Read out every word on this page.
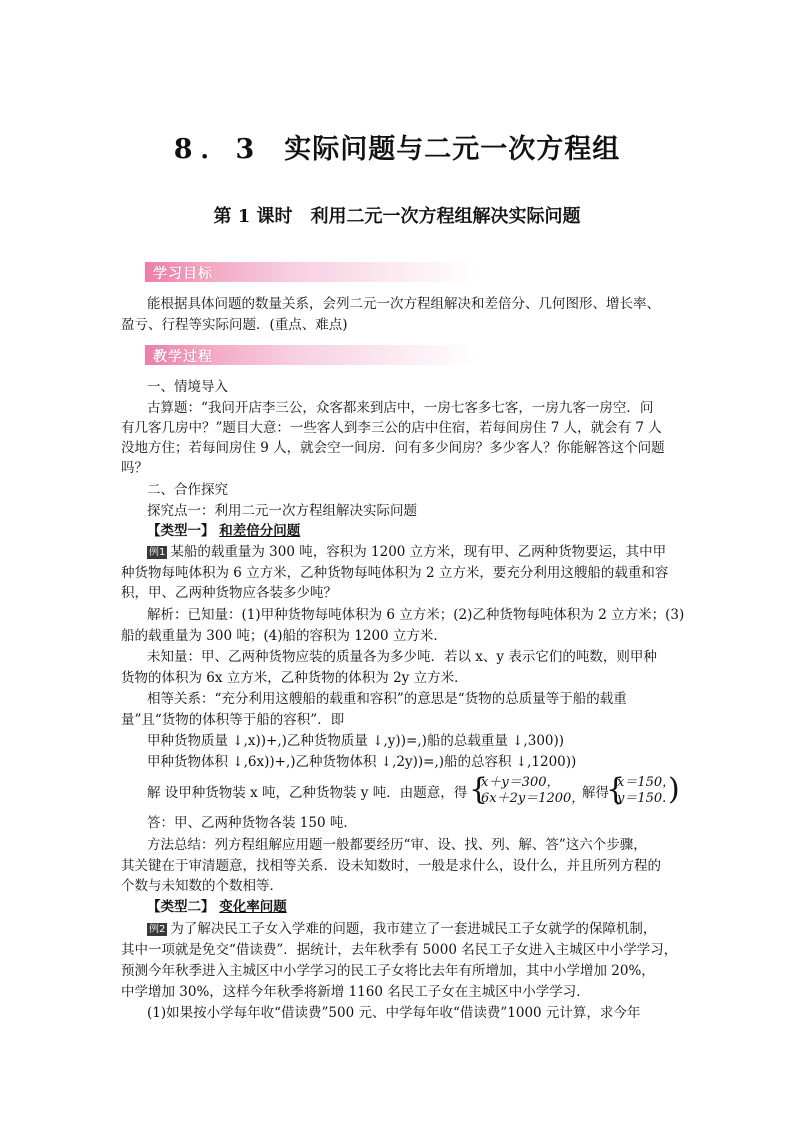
8．3 实际问题与二元一次方程组
第 1 课时 利用二元一次方程组解决实际问题
学习目标
能根据具体问题的数量关系，会列二元一次方程组解决和差倍分、几何图形、增长率、
盈亏、行程等实际问题．(重点、难点)
教学过程
一、情境导入
古算题：“我问开店李三公，众客都来到店中，一房七客多七客，一房九客一房空．问
有几客几房中？”题目大意：一些客人到李三公的店中住宿，若每间房住 7 人，就会有 7 人
没地方住；若每间房住 9 人，就会空一间房．问有多少间房？多少客人？你能解答这个问题
吗？
二、合作探究
探究点一：利用二元一次方程组解决实际问题
【类型一】 和差倍分问题
例1 某船的载重量为 300 吨，容积为 1200 立方米，现有甲、乙两种货物要运，其中甲
种货物每吨体积为 6 立方米，乙种货物每吨体积为 2 立方米，要充分利用这艘船的载重和容
积，甲、乙两种货物应各装多少吨？
解析：已知量：(1)甲种货物每吨体积为 6 立方米；(2)乙种货物每吨体积为 2 立方米；(3)
船的载重量为 300 吨；(4)船的容积为 1200 立方米．
未知量：甲、乙两种货物应装的质量各为多少吨．若以 x、y 表示它们的吨数，则甲种
货物的体积为 6x 立方米，乙种货物的体积为 2y 立方米．
相等关系：“充分利用这艘船的载重和容积”的意思是“货物的总质量等于船的载重
量”且“货物的体积等于船的容积”．即
甲种货物质量 ↓,x))+,)乙种货物质量 ↓,y))=,)船的总载重量 ↓,300))
甲种货物体积 ↓,6x))+,)乙种货物体积 ↓,2y))=,)船的总容积 ↓,1200))
解 设甲种货物装 x 吨，乙种货物装 y 吨．由题意，得 {
x＋y＝300，
6x＋2y＝1200，
解得
{
x＝150，
y＝150. )
答：甲、乙两种货物各装 150 吨．
方法总结：列方程组解应用题一般都要经历“审、设、找、列、解、答”这六个步骤，
其关键在于审清题意，找相等关系．设未知数时，一般是求什么，设什么，并且所列方程的
个数与未知数的个数相等．
【类型二】 变化率问题
例2 为了解决民工子女入学难的问题，我市建立了一套进城民工子女就学的保障机制，
其中一项就是免交“借读费”．据统计，去年秋季有 5000 名民工子女进入主城区中小学学习，
预测今年秋季进入主城区中小学学习的民工子女将比去年有所增加，其中小学增加 20%，
中学增加 30%，这样今年秋季将新增 1160 名民工子女在主城区中小学学习．
(1)如果按小学每年收“借读费”500 元、中学每年收“借读费”1000 元计算，求今年
